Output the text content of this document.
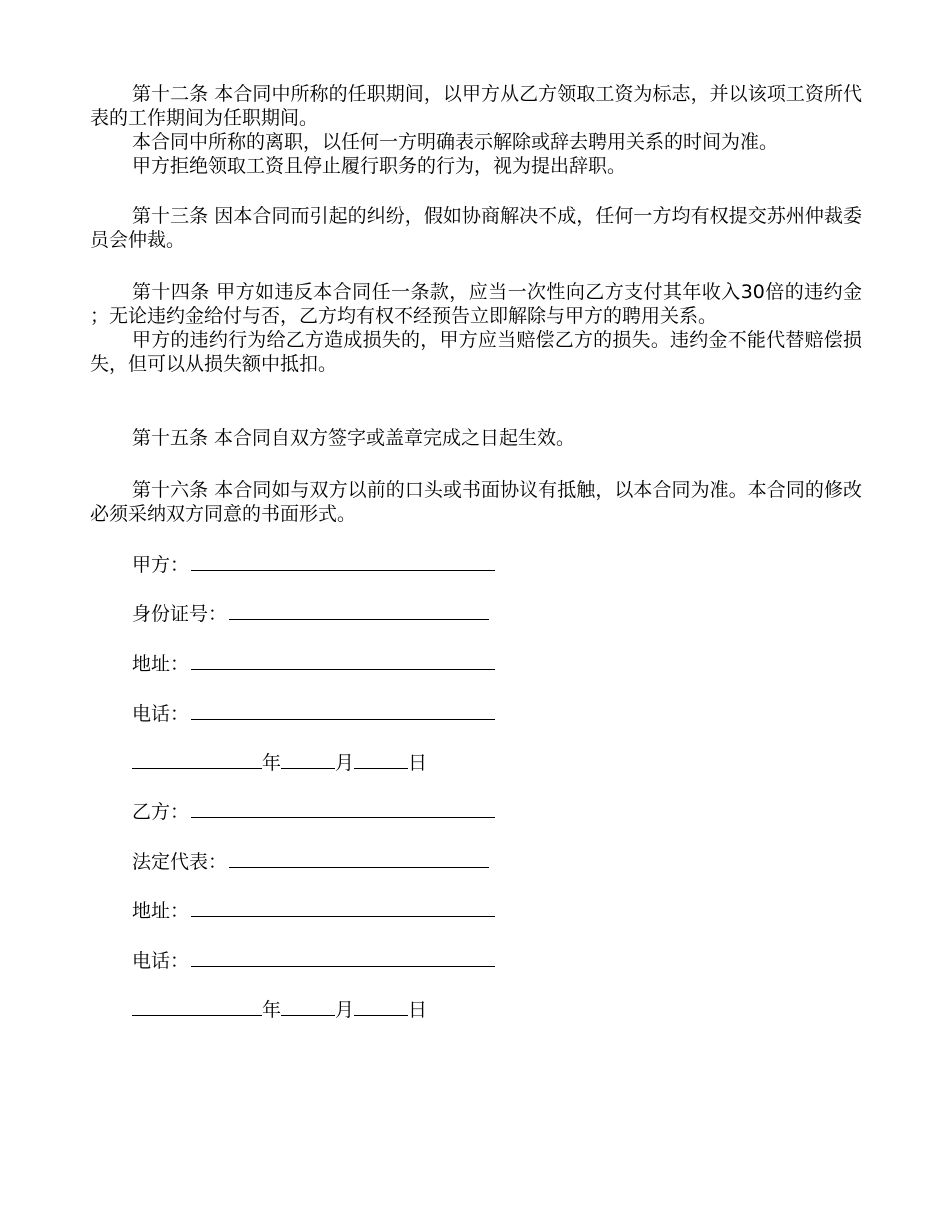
第十二条 本合同中所称的任职期间，以甲方从乙方领取工资为标志，并以该项工资所代表的工作期间为任职期间。

本合同中所称的离职，以任何一方明确表示解除或辞去聘用关系的时间为准。

甲方拒绝领取工资且停止履行职务的行为，视为提出辞职。

第十三条 因本合同而引起的纠纷，假如协商解决不成，任何一方均有权提交苏州仲裁委员会仲裁。

第十四条 甲方如违反本合同任一条款，应当一次性向乙方支付其年收入30倍的违约金 ；无论违约金给付与否，乙方均有权不经预告立即解除与甲方的聘用关系。

甲方的违约行为给乙方造成损失的，甲方应当赔偿乙方的损失。违约金不能代替赔偿损失，但可以从损失额中抵扣。

第十五条 本合同自双方签字或盖章完成之日起生效。

第十六条 本合同如与双方以前的口头或书面协议有抵触，以本合同为准。本合同的修改必须采纳双方同意的书面形式。

甲方：
身份证号：
地址：
电话：
年	月	日
乙方：
法定代表：
地址：
电话：
年	月	日
